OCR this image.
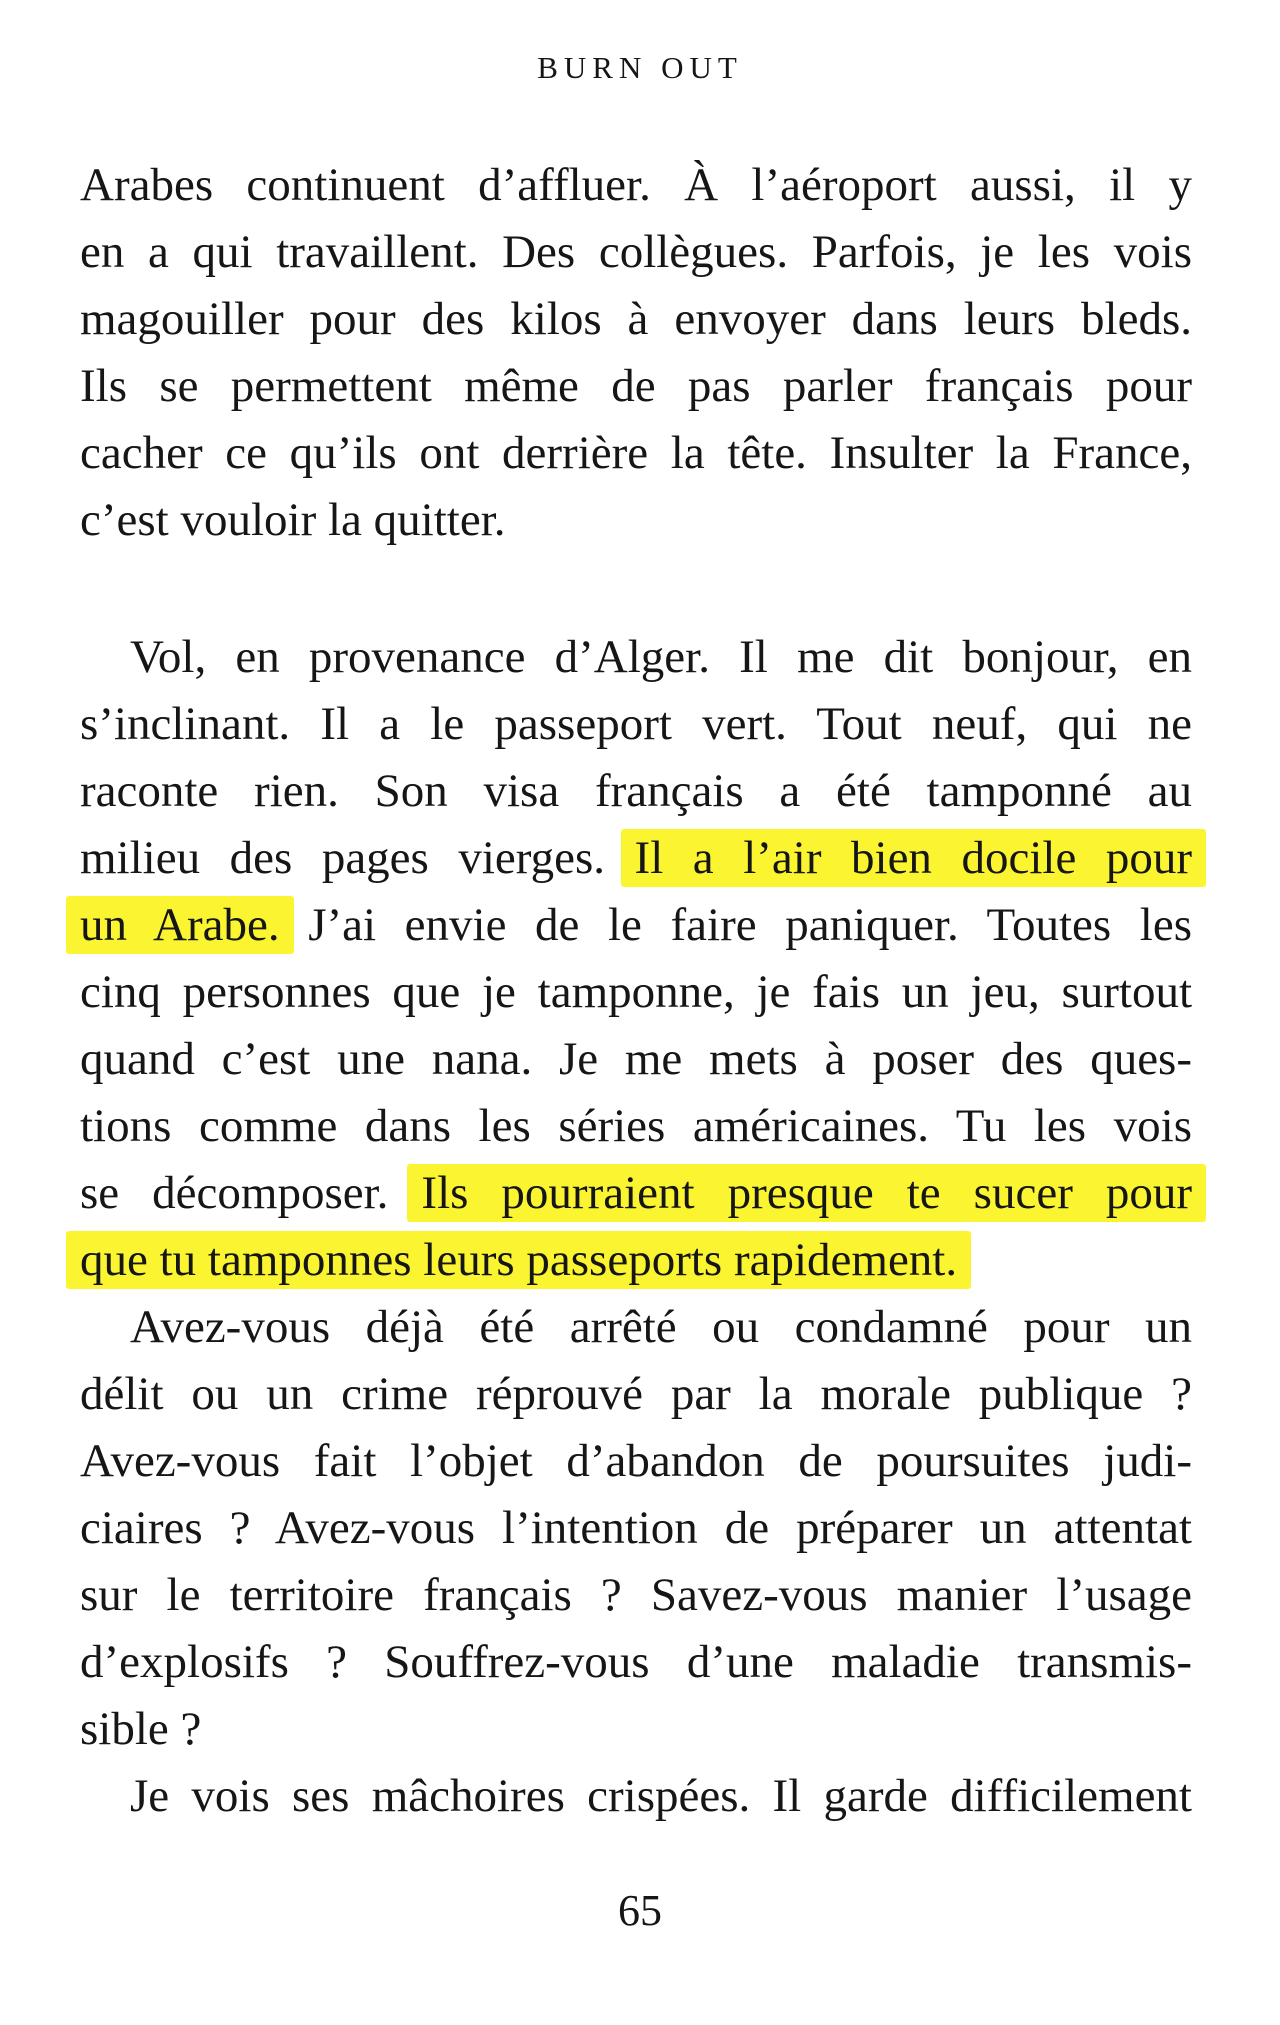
BURN OUT
Arabes continuent d’affluer. À l’aéroport aussi, il y
en a qui travaillent. Des collègues. Parfois, je les vois
magouiller pour des kilos à envoyer dans leurs bleds.
Ils se permettent même de pas parler français pour
cacher ce qu’ils ont derrière la tête. Insulter la France,
c’est vouloir la quitter.
Vol, en provenance d’Alger. Il me dit bonjour, en
s’inclinant. Il a le passeport vert. Tout neuf, qui ne
raconte rien. Son visa français a été tamponné au
milieu des pages vierges. Il a l’air bien docile pour
un Arabe. J’ai envie de le faire paniquer. Toutes les
cinq personnes que je tamponne, je fais un jeu, surtout
quand c’est une nana. Je me mets à poser des ques-
tions comme dans les séries américaines. Tu les vois
se décomposer. Ils pourraient presque te sucer pour
que tu tamponnes leurs passeports rapidement.
Avez-vous déjà été arrêté ou condamné pour un
délit ou un crime réprouvé par la morale publique ?
Avez-vous fait l’objet d’abandon de poursuites judi-
ciaires ? Avez-vous l’intention de préparer un attentat
sur le territoire français ? Savez-vous manier l’usage
d’explosifs ? Souffrez-vous d’une maladie transmis-
sible ?
Je vois ses mâchoires crispées. Il garde difficilement
65
